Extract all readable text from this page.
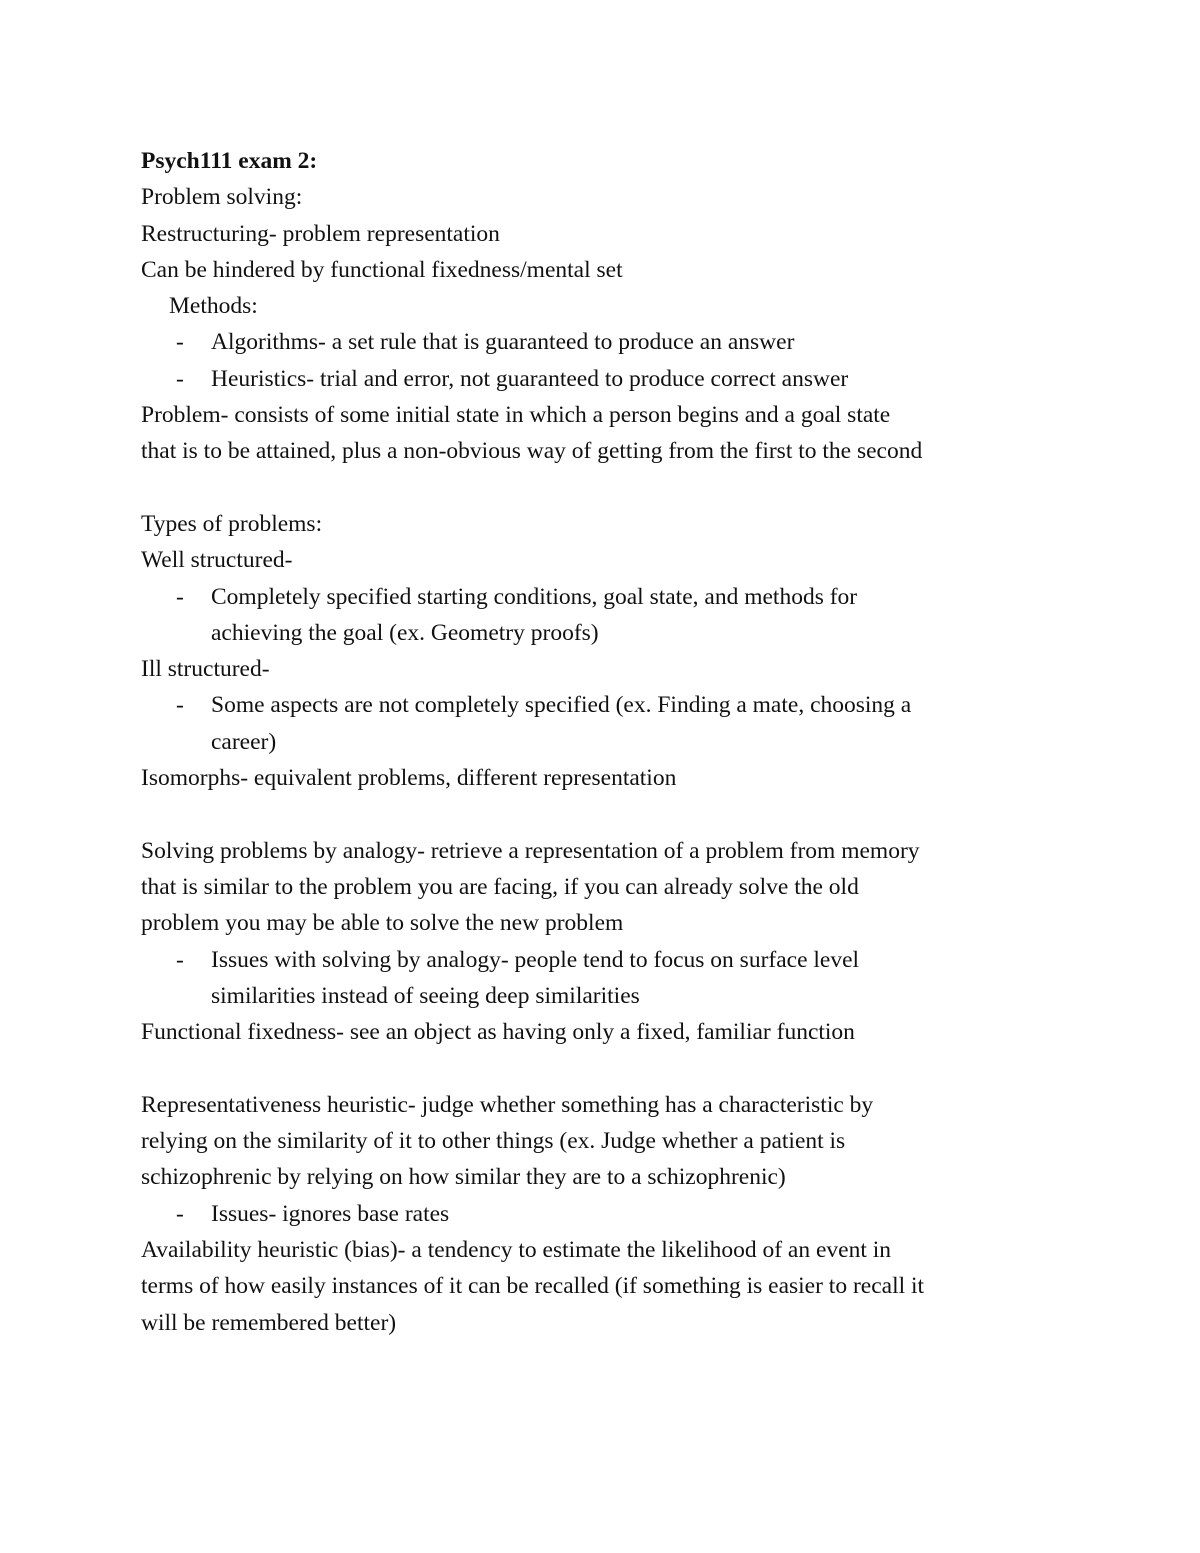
Psych111 exam 2:
Problem solving:
Restructuring- problem representation
Can be hindered by functional fixedness/mental set
Methods:
- Algorithms- a set rule that is guaranteed to produce an answer
- Heuristics- trial and error, not guaranteed to produce correct answer
Problem- consists of some initial state in which a person begins and a goal state
that is to be attained, plus a non-obvious way of getting from the first to the second
Types of problems:
Well structured-
- Completely specified starting conditions, goal state, and methods for
achieving the goal (ex. Geometry proofs)
Ill structured-
- Some aspects are not completely specified (ex. Finding a mate, choosing a
career)
Isomorphs- equivalent problems, different representation
Solving problems by analogy- retrieve a representation of a problem from memory
that is similar to the problem you are facing, if you can already solve the old
problem you may be able to solve the new problem
- Issues with solving by analogy- people tend to focus on surface level
similarities instead of seeing deep similarities
Functional fixedness- see an object as having only a fixed, familiar function
Representativeness heuristic- judge whether something has a characteristic by
relying on the similarity of it to other things (ex. Judge whether a patient is
schizophrenic by relying on how similar they are to a schizophrenic)
- Issues- ignores base rates
Availability heuristic (bias)- a tendency to estimate the likelihood of an event in
terms of how easily instances of it can be recalled (if something is easier to recall it
will be remembered better)
